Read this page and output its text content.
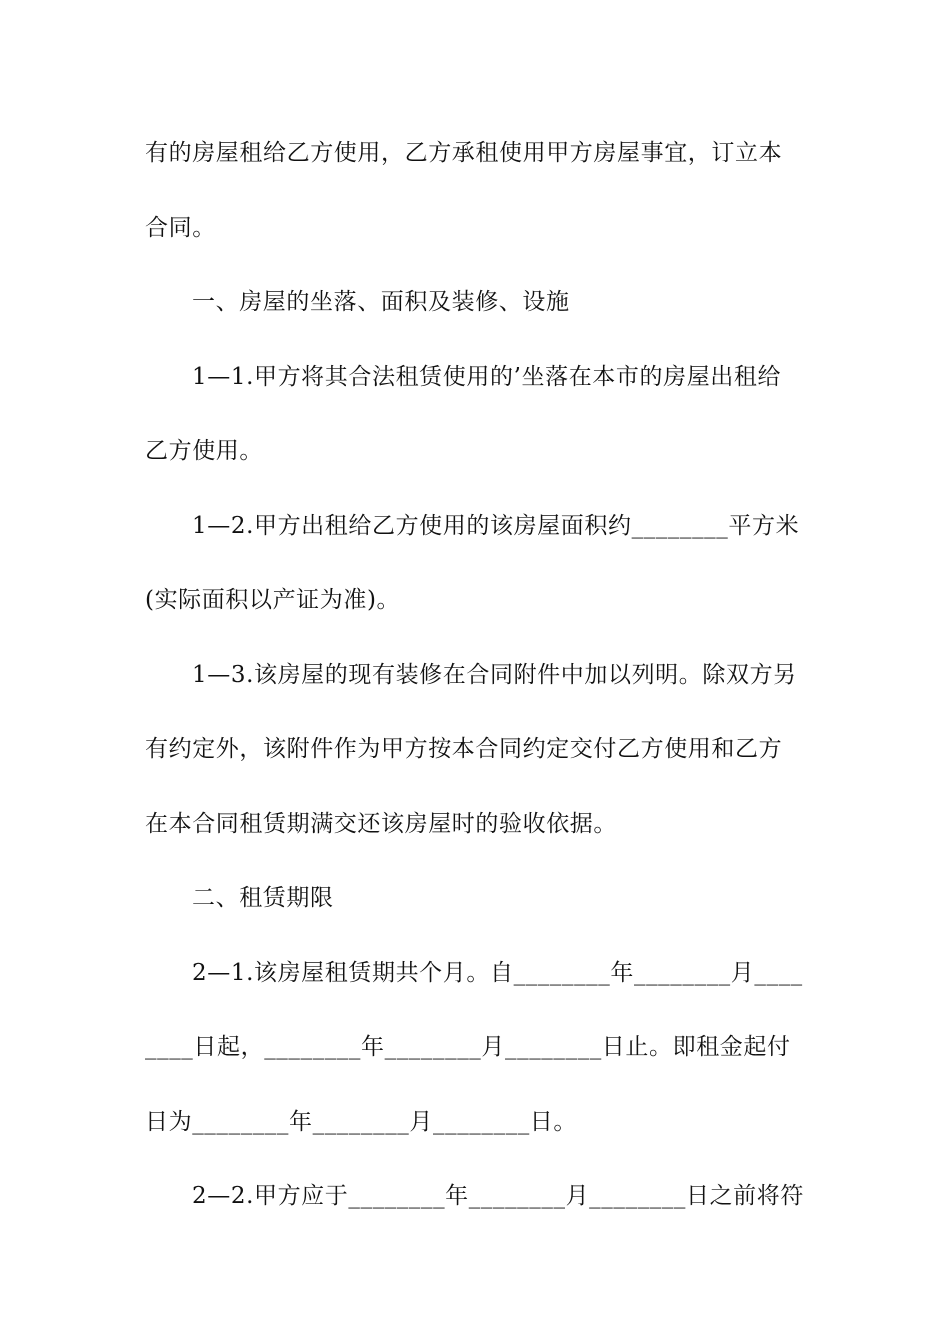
有的房屋租给乙方使用，乙方承租使用甲方房屋事宜，订立本
合同。
一、房屋的坐落、面积及装修、设施
1—1.甲方将其合法租赁使用的’坐落在本市的房屋出租给
乙方使用。
1—2.甲方出租给乙方使用的该房屋面积约________平方米
(实际面积以产证为准)。
1—3.该房屋的现有装修在合同附件中加以列明。除双方另
有约定外，该附件作为甲方按本合同约定交付乙方使用和乙方
在本合同租赁期满交还该房屋时的验收依据。
二、租赁期限
2—1.该房屋租赁期共个月。自________年________月____
____日起，________年________月________日止。即租金起付
日为________年________月________日。
2—2.甲方应于________年________月________日之前将符
